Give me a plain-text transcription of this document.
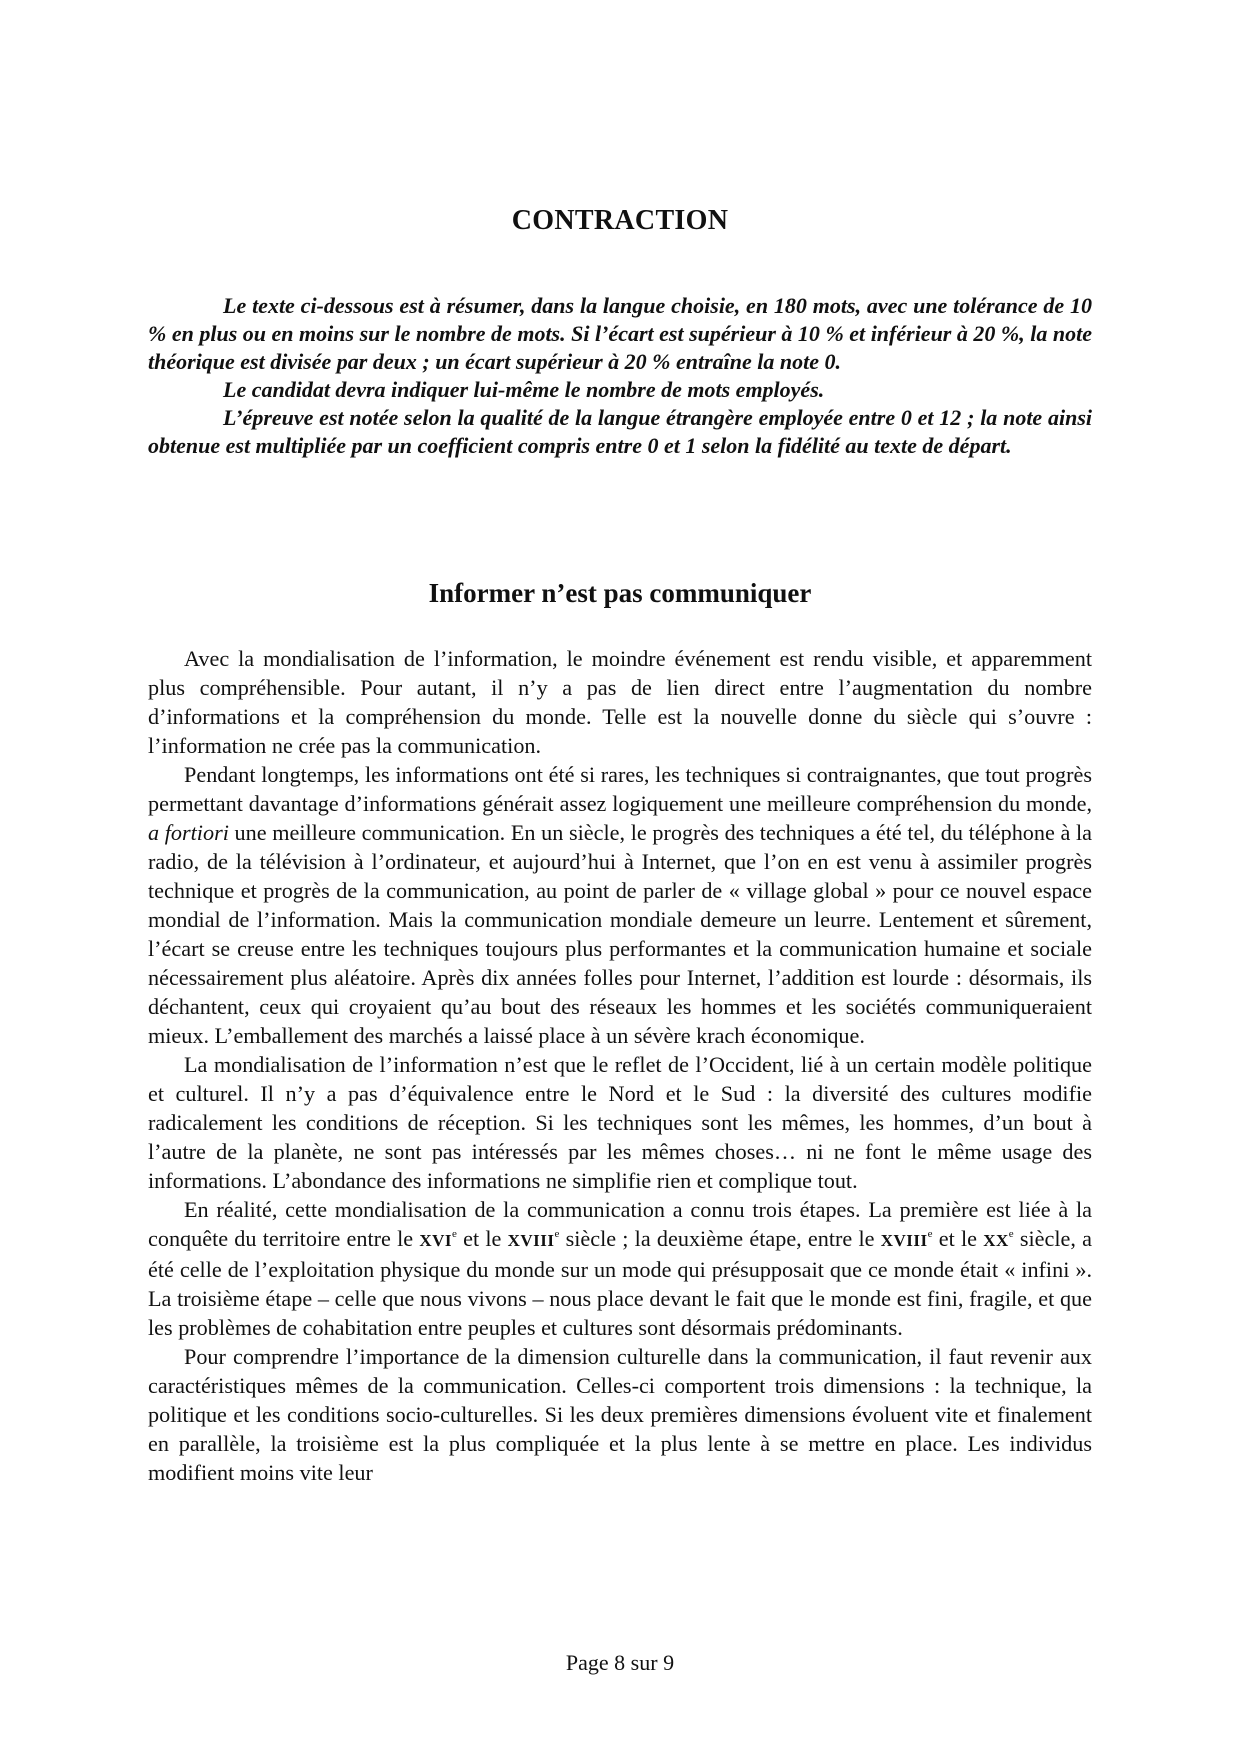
CONTRACTION

Le texte ci-dessous est à résumer, dans la langue choisie, en 180 mots, avec une tolérance de 10 % en plus ou en moins sur le nombre de mots. Si l’écart est supérieur à 10 % et inférieur à 20 %, la note théorique est divisée par deux ; un écart supérieur à 20 % entraîne la note 0.

Le candidat devra indiquer lui-même le nombre de mots employés.

L’épreuve est notée selon la qualité de la langue étrangère employée entre 0 et 12 ; la note ainsi obtenue est multipliée par un coefficient compris entre 0 et 1 selon la fidélité au texte de départ.

Informer n’est pas communiquer

Avec la mondialisation de l’information, le moindre événement est rendu visible, et apparemment plus compréhensible. Pour autant, il n’y a pas de lien direct entre l’augmentation du nombre d’informations et la compréhension du monde. Telle est la nouvelle donne du siècle qui s’ouvre : l’information ne crée pas la communication.

Pendant longtemps, les informations ont été si rares, les techniques si contraignantes, que tout progrès permettant davantage d’informations générait assez logiquement une meilleure compréhension du monde, a fortiori une meilleure communication. En un siècle, le progrès des techniques a été tel, du téléphone à la radio, de la télévision à l’ordinateur, et aujourd’hui à Internet, que l’on en est venu à assimiler progrès technique et progrès de la communication, au point de parler de « village global » pour ce nouvel espace mondial de l’information. Mais la communication mondiale demeure un leurre. Lentement et sûrement, l’écart se creuse entre les techniques toujours plus performantes et la communication humaine et sociale nécessairement plus aléatoire. Après dix années folles pour Internet, l’addition est lourde : désormais, ils déchantent, ceux qui croyaient qu’au bout des réseaux les hommes et les sociétés communiqueraient mieux. L’emballement des marchés a laissé place à un sévère krach économique.

La mondialisation de l’information n’est que le reflet de l’Occident, lié à un certain modèle politique et culturel. Il n’y a pas d’équivalence entre le Nord et le Sud : la diversité des cultures modifie radicalement les conditions de réception. Si les techniques sont les mêmes, les hommes, d’un bout à l’autre de la planète, ne sont pas intéressés par les mêmes choses… ni ne font le même usage des informations. L’abondance des informations ne simplifie rien et complique tout.

En réalité, cette mondialisation de la communication a connu trois étapes. La première est liée à la conquête du territoire entre le XVIe et le XVIIIe siècle ; la deuxième étape, entre le XVIIIe et le XXe siècle, a été celle de l’exploitation physique du monde sur un mode qui présupposait que ce monde était « infini ». La troisième étape – celle que nous vivons – nous place devant le fait que le monde est fini, fragile, et que les problèmes de cohabitation entre peuples et cultures sont désormais prédominants.

Pour comprendre l’importance de la dimension culturelle dans la communication, il faut revenir aux caractéristiques mêmes de la communication. Celles-ci comportent trois dimensions : la technique, la politique et les conditions socio-culturelles. Si les deux premières dimensions évoluent vite et finalement en parallèle, la troisième est la plus compliquée et la plus lente à se mettre en place. Les individus modifient moins vite leur

Page 8 sur 9
